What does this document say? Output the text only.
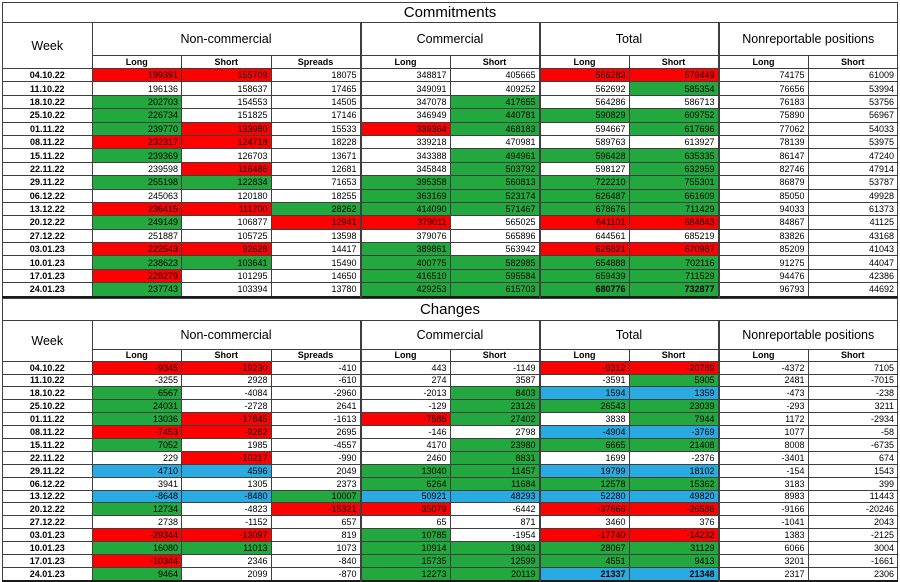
Commitments									
Week	Non-commercial			Commercial		Total		Nonreportable positions	
	Long	Short	Spreads	Long	Short	Long	Short	Long	Short
04.10.22	199391	155709	18075	348817	405665	566283	579449	74175	61009
11.10.22	196136	158637	17465	349091	409252	562692	585354	76656	53994
18.10.22	202703	154553	14505	347078	417655	564286	586713	76183	53756
25.10.22	226734	151825	17146	346949	440781	590829	609752	75890	56967
01.11.22	239770	133980	15533	339364	468183	594667	617696	77062	54033
08.11.22	232317	124718	18228	339218	470981	589763	613927	78139	53975
15.11.22	239369	126703	13671	343388	494961	596428	635335	86147	47240
22.11.22	239598	116486	12681	345848	503792	598127	632959	82746	47914
29.11.22	255198	122834	71653	395358	560813	722210	755301	86879	53787
06.12.22	245063	120180	18255	363169	523174	626487	661609	85050	49928
13.12.22	236415	111700	28262	414090	571467	678676	711429	94033	61373
20.12.22	249149	106877	12941	379011	565025	641101	684843	84867	41125
27.12.22	251887	105725	13598	379076	565896	644561	685219	83826	43168
03.01.23	222543	92628	14417	389861	563942	626821	670987	85209	41043
10.01.23	238623	103641	15490	400775	582985	654888	702116	91275	44047
17.01.23	228279	101295	14650	416510	595584	659439	711529	94476	42386
24.01.23	237743	103394	13780	429253	615703	680776	732877	96793	44692
Changes									
Week	Non-commercial			Commercial		Total		Nonreportable positions	
	Long	Short	Spreads	Long	Short	Long	Short	Long	Short
04.10.22	-9345	-19230	-410	443	-1149	-9312	-20789	-4372	7105
11.10.22	-3255	2928	-610	274	3587	-3591	5905	2481	-7015
18.10.22	6567	-4084	-2960	-2013	8403	1594	1359	-473	-238
25.10.22	24031	-2728	2641	-129	23126	26543	23039	-293	3211
01.11.22	13036	-17845	-1613	-7585	27402	3838	7944	1172	-2934
08.11.22	-7453	-9262	2695	-146	2798	-4904	-3769	1077	-58
15.11.22	7052	1985	-4557	4170	23980	6665	21408	8008	-6735
22.11.22	229	-10217	-990	2460	8831	1699	-2376	-3401	674
29.11.22	4710	4596	2049	13040	11457	19799	18102	-154	1543
06.12.22	3941	1305	2373	6264	11684	12578	15362	3183	399
13.12.22	-8648	-8480	10007	50921	48293	52280	49820	8983	11443
20.12.22	12734	-4823	-15321	-35079	-6442	-37666	-26586	-9166	-20246
27.12.22	2738	-1152	657	65	871	3460	376	-1041	2043
03.01.23	-29344	-13097	819	10785	-1954	-17740	-14232	1383	-2125
10.01.23	16080	11013	1073	10914	19043	28067	31129	6066	3004
17.01.23	-10344	2346	-840	15735	12599	4551	9413	3201	-1661
24.01.23	9464	2099	-870	12273	20119	21337	21348	2317	2306
